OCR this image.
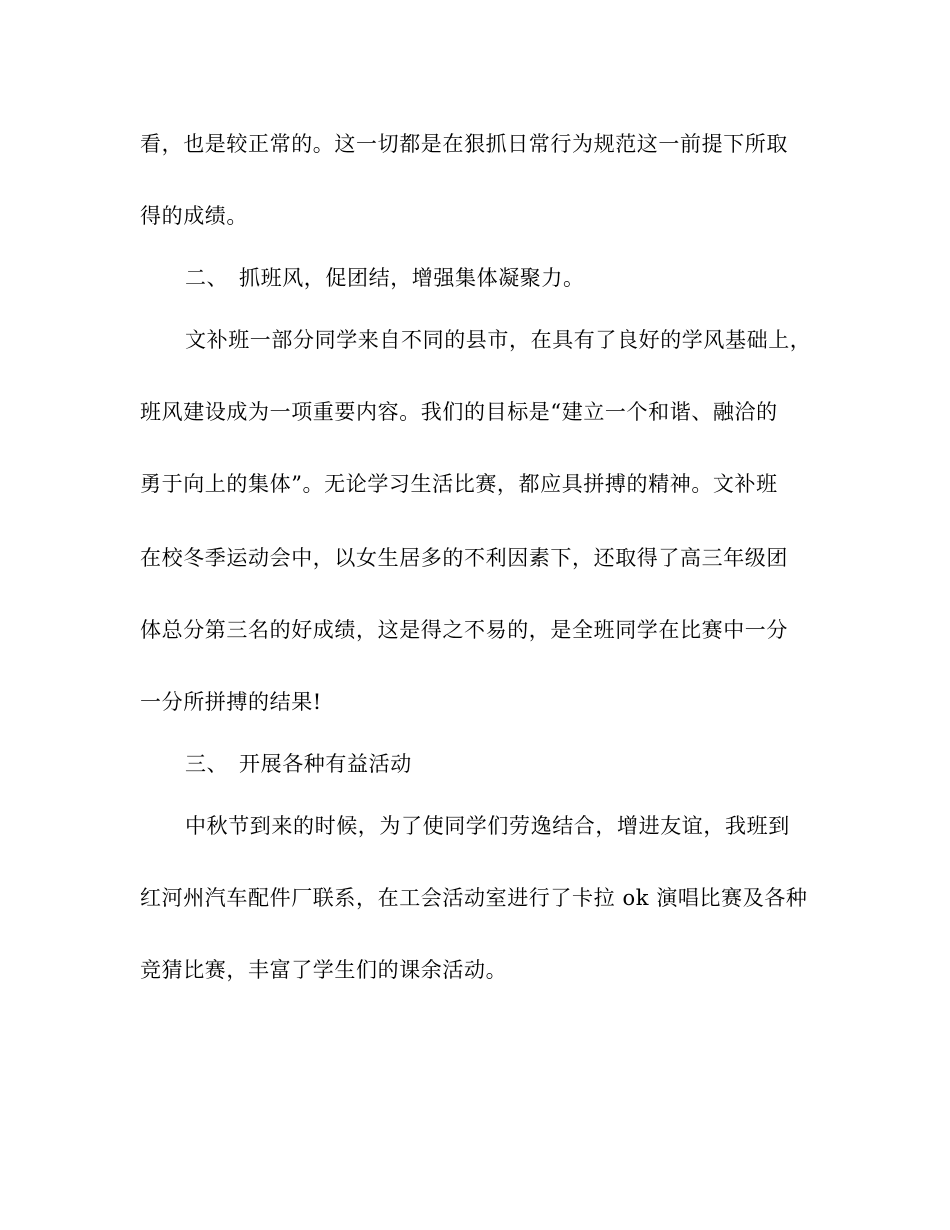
看，也是较正常的。这一切都是在狠抓日常行为规范这一前提下所取
得的成绩。
二、 抓班风，促团结，增强集体凝聚力。
文补班一部分同学来自不同的县市，在具有了良好的学风基础上，
班风建设成为一项重要内容。我们的目标是“建立一个和谐、融洽的
勇于向上的集体”。无论学习生活比赛，都应具拼搏的精神。文补班
在校冬季运动会中，以女生居多的不利因素下，还取得了高三年级团
体总分第三名的好成绩，这是得之不易的，是全班同学在比赛中一分
一分所拼搏的结果!
三、 开展各种有益活动
中秋节到来的时候，为了使同学们劳逸结合，增进友谊，我班到
红河州汽车配件厂联系，在工会活动室进行了卡拉 ok 演唱比赛及各种
竞猜比赛，丰富了学生们的课余活动。
